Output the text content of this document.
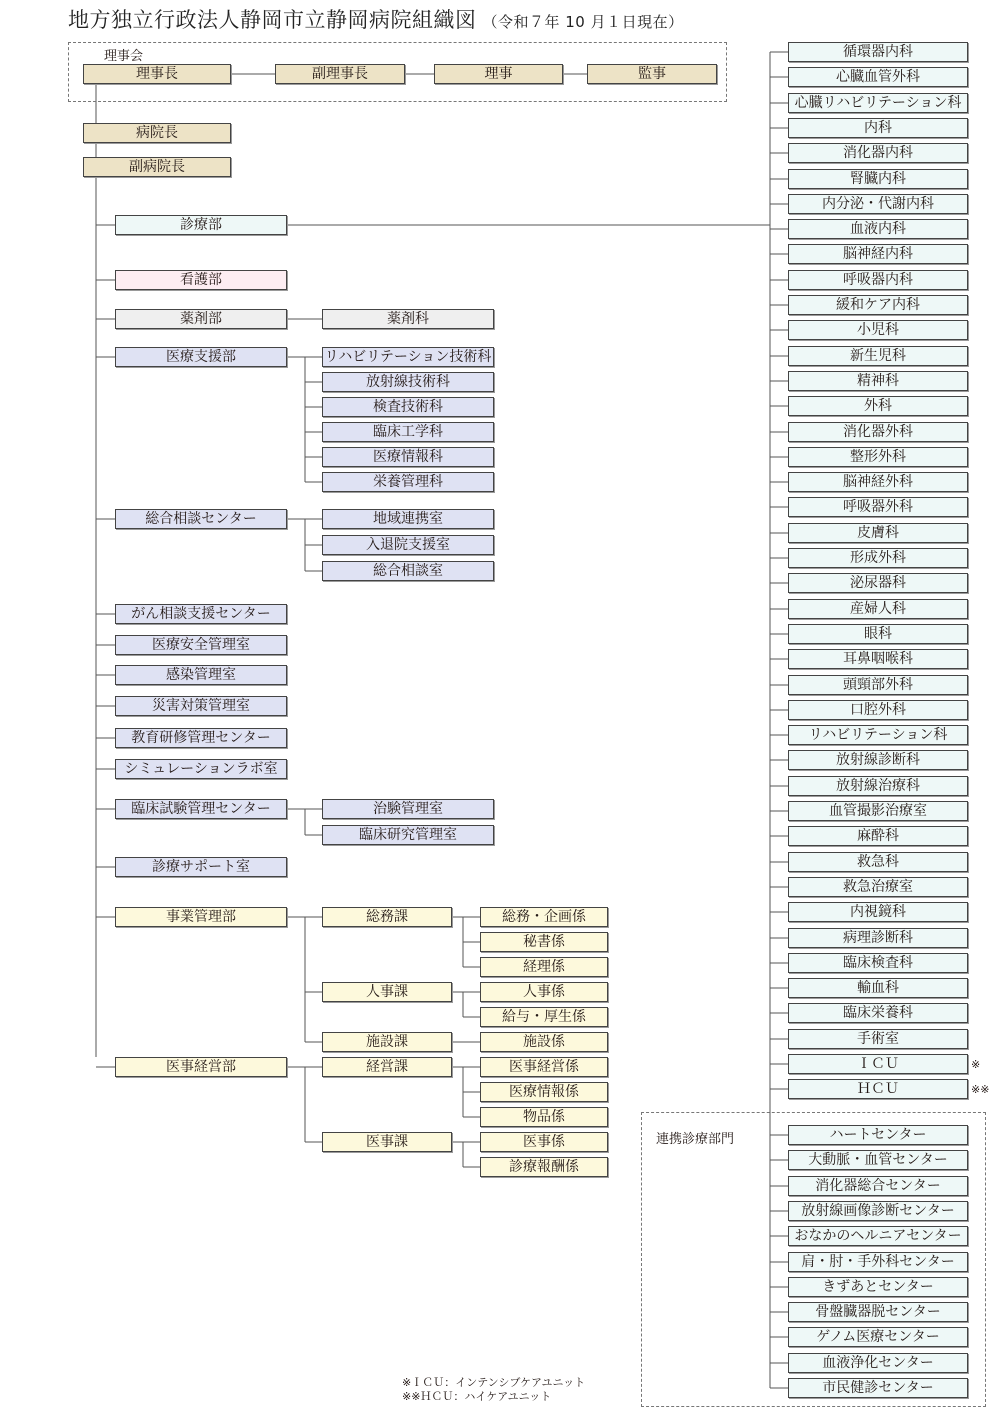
地方独立行政法人静岡市立静岡病院組織図 （令和７年 10 月１日現在）
理事会
理事長	副理事長	理事	監事
病院長
副病院長
連携診療部門
※ＩＣＵ：インテンシブケアユニット
※※ＨＣＵ：ハイケアユニット
診療部
看護部
薬剤部	薬剤科
医療支援部	リハビリテーション技術科
放射線技術科
検査技術科
臨床工学科
医療情報科
栄養管理科
総合相談センター	地域連携室
入退院支援室
総合相談室
がん相談支援センター
医療安全管理室
感染管理室
災害対策管理室
教育研修管理センター
シミュレーションラボ室
臨床試験管理センター	治験管理室
臨床研究管理室
診療サポート室
事業管理部	総務課	総務・企画係
秘書係
経理係
人事課	人事係
給与・厚生係
施設課	施設係
医事経営部	経営課	医事経営係
医療情報係
物品係
医事課	医事係
診療報酬係
循環器内科
心臓血管外科
心臓リハビリテーション科
内科
消化器内科
腎臓内科
内分泌・代謝内科
血液内科
脳神経内科
呼吸器内科
緩和ケア内科
小児科
新生児科
精神科
外科
消化器外科
整形外科
脳神経外科
呼吸器外科
皮膚科
形成外科
泌尿器科
産婦人科
眼科
耳鼻咽喉科
頭頸部外科
口腔外科
リハビリテーション科
放射線診断科
放射線治療科
血管撮影治療室
麻酔科
救急科
救急治療室
内視鏡科
病理診断科
臨床検査科
輸血科
臨床栄養科
手術室
ＩＣＵ	※
ＨＣＵ	※※
ハートセンター
大動脈・血管センター
消化器総合センター
放射線画像診断センター
おなかのヘルニアセンター
肩・肘・手外科センター
きずあとセンター
骨盤臓器脱センター
ゲノム医療センター
血液浄化センター
市民健診センター
